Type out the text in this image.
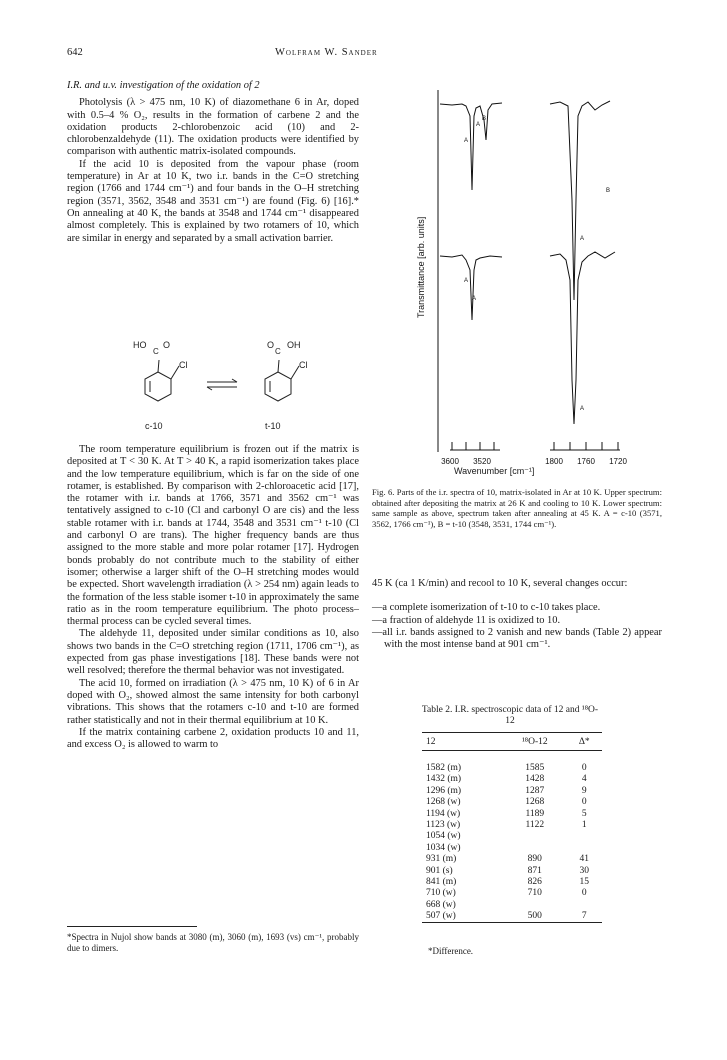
642	Wolfram W. Sander

I.R. and u.v. investigation of the oxidation of 2

Photolysis (λ > 475 nm, 10 K) of diazomethane 6 in Ar, doped with 0.5–4 % O₂, results in the formation of carbene 2 and the oxidation products 2-chlorobenzoic acid (10) and 2-chlorobenzaldehyde (11). The oxidation products were identified by comparison with authentic matrix-isolated compounds.

If the acid 10 is deposited from the vapour phase (room temperature) in Ar at 10 K, two i.r. bands in the C=O stretching region (1766 and 1744 cm⁻¹) and four bands in the O–H stretching region (3571, 3562, 3548 and 3531 cm⁻¹) are found (Fig. 6) [16].* On annealing at 40 K, the bands at 3548 and 1744 cm⁻¹ disappeared almost completely. This is explained by two rotamers of 10, which are similar in energy and separated by a small activation barrier.

HO
C
O
Cl
c-10
O
C
OH
Cl
t-10

The room temperature equilibrium is frozen out if the matrix is deposited at T < 30 K. At T > 40 K, a rapid isomerization takes place and the low temperature equilibrium, which is far on the side of one rotamer, is established. By comparison with 2-chloroacetic acid [17], the rotamer with i.r. bands at 1766, 3571 and 3562 cm⁻¹ was tentatively assigned to c-10 (Cl and carbonyl O are cis) and the less stable rotamer with i.r. bands at 1744, 3548 and 3531 cm⁻¹ t-10 (Cl and carbonyl O are trans). The higher frequency bands are thus assigned to the more stable and more polar rotamer [17]. Hydrogen bonds probably do not contribute much to the stability of either isomer; otherwise a larger shift of the O–H stretching modes would be expected. Short wavelength irradiation (λ > 254 nm) again leads to the formation of the less stable isomer t-10 in approximately the same ratio as in the room temperature equilibrium. The photo process–thermal process can be cycled several times.

The aldehyde 11, deposited under similar conditions as 10, also shows two bands in the C=O stretching region (1711, 1706 cm⁻¹), as expected from gas phase investigations [18]. These bands were not well resolved; therefore the thermal behavior was not investigated.

The acid 10, formed on irradiation (λ > 475 nm, 10 K) of 6 in Ar doped with O₂, showed almost the same intensity for both carbonyl vibrations. This shows that the rotamers c-10 and t-10 are formed rather statistically and not in their thermal equilibrium at 10 K.

If the matrix containing carbene 2, oxidation products 10 and 11, and excess O₂ is allowed to warm to

*Spectra in Nujol show bands at 3080 (m), 3060 (m), 1693 (vs) cm⁻¹, probably due to dimers.
A
B
A
B
A
A
A
A
3600 3520	1800 1760 1720
Transmittance [arb. units]
Wavenumber [cm⁻¹]
Fig. 6. Parts of the i.r. spectra of 10, matrix-isolated in Ar at 10 K. Upper spectrum: obtained after depositing the matrix at 26 K and cooling to 10 K. Lower spectrum: same sample as above, spectrum taken after annealing at 45 K. A = c-10 (3571, 3562, 1766 cm⁻¹), B = t-10 (3548, 3531, 1744 cm⁻¹).

45 K (ca 1 K/min) and recool to 10 K, several changes occur:

—a complete isomerization of t-10 to c-10 takes place.

—a fraction of aldehyde 11 is oxidized to 10.

—all i.r. bands assigned to 2 vanish and new bands (Table 2) appear with the most intense band at 901 cm⁻¹.

Table 2. I.R. spectroscopic data of 12 and ¹⁸O-12
12	¹⁸O-12	Δ*

1582 (m)	1585	0
1432 (m)	1428	4
1296 (m)	1287	9
1268 (w)	1268	0
1194 (w)	1189	5
1123 (w)	1122	1
1054 (w)		
1034 (w)		
931 (m)	890	41
901 (s)	871	30
841 (m)	826	15
710 (w)	710	0
668 (w)		
507 (w)	500	7
*Difference.
